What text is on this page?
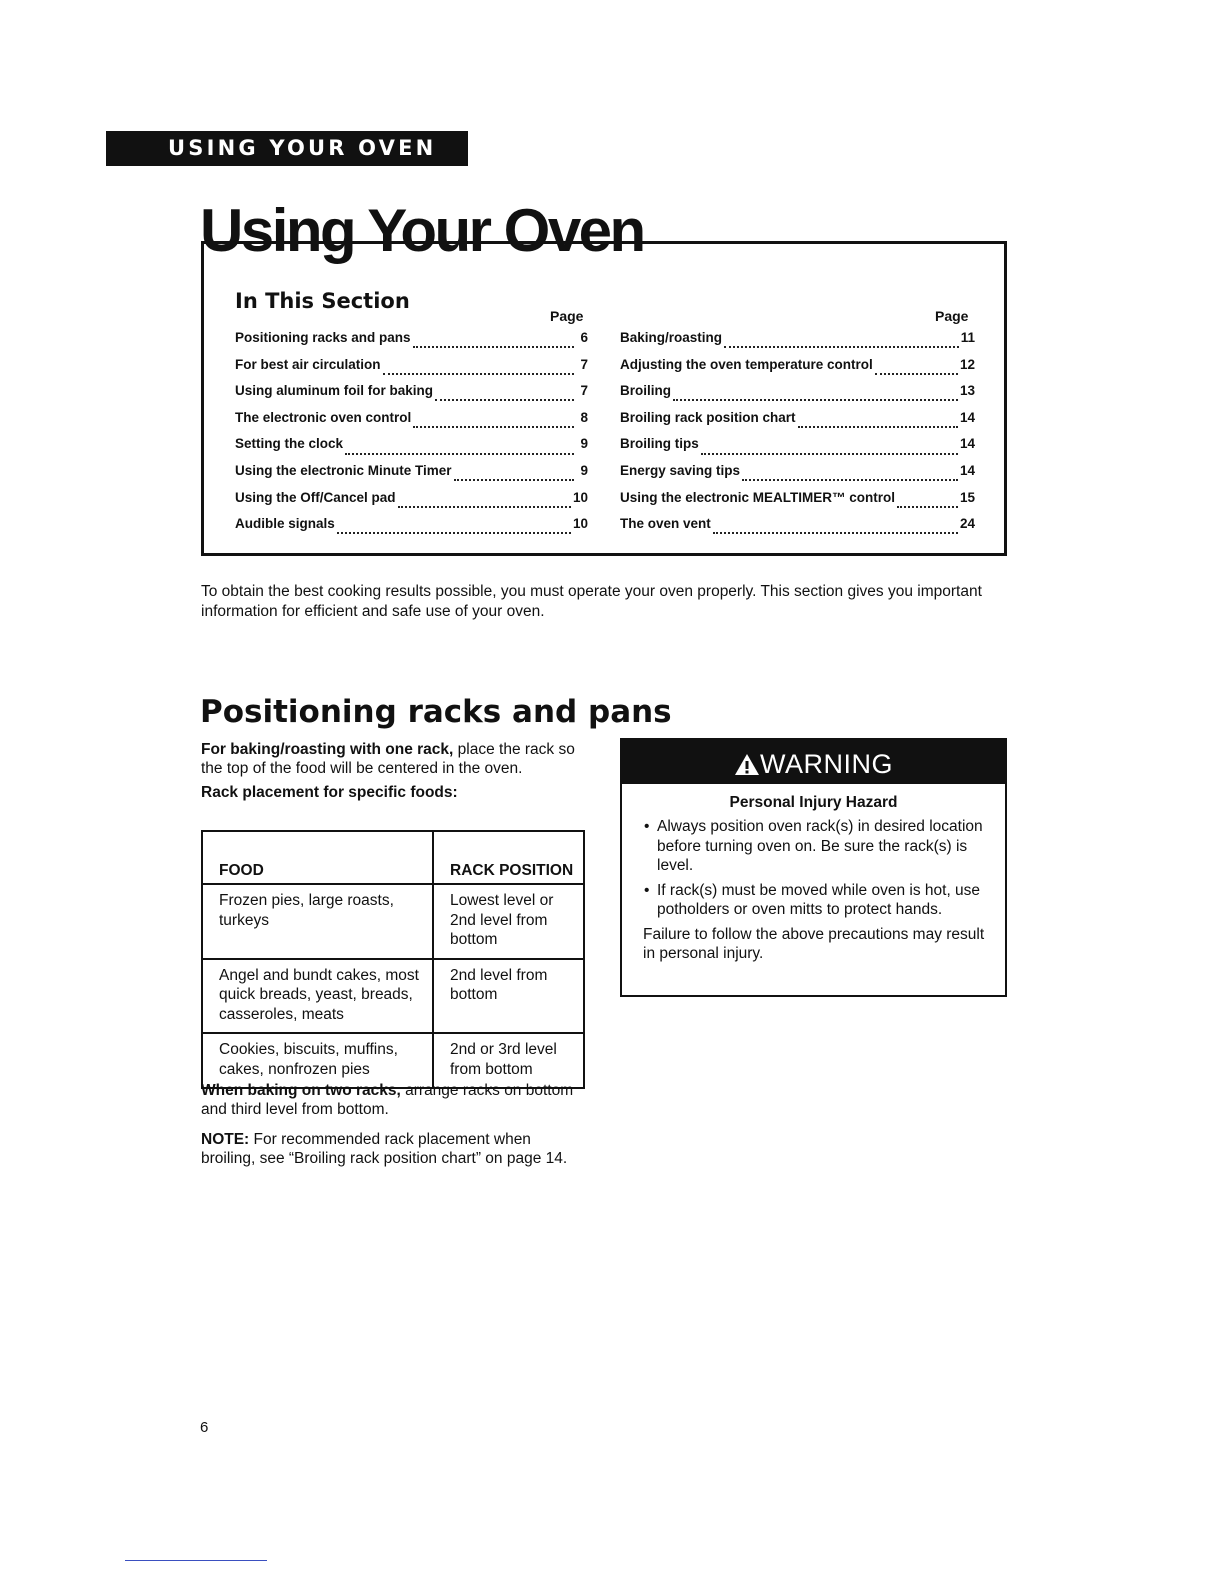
USING YOUR OVEN
Using Your Oven
In This Section
Page	Page
Positioning racks and pans	6
For best air circulation	7
Using aluminum foil for baking	7
The electronic oven control	8
Setting the clock	9
Using the electronic Minute Timer	9
Using the Off/Cancel pad	10
Audible signals	10
Baking/roasting	11
Adjusting the oven temperature control	12
Broiling	13
Broiling rack position chart	14
Broiling tips	14
Energy saving tips	14
Using the electronic MEALTIMER™ control	15
The oven vent	24
To obtain the best cooking results possible, you must operate your oven properly. This section gives you important information for efficient and safe use of your oven.
Positioning racks and pans

For baking/roasting with one rack, place the rack so the top of the food will be centered in the oven.

Rack placement for specific foods:

FOOD	RACK POSITION
Frozen pies, large roasts, turkeys	Lowest level or 2nd level from bottom
Angel and bundt cakes, most quick breads, yeast, breads, casseroles, meats	2nd level from bottom
Cookies, biscuits, muffins, cakes, nonfrozen pies	2nd or 3rd level from bottom

When baking on two racks, arrange racks on bottom and third level from bottom.

NOTE: For recommended rack placement when broiling, see “Broiling rack position chart” on page 14.

WARNING
Personal Injury Hazard
• Always position oven rack(s) in desired location before turning oven on. Be sure the rack(s) is level.
• If rack(s) must be moved while oven is hot, use potholders or oven mitts to protect hands.
Failure to follow the above precautions may result in personal injury.
6
